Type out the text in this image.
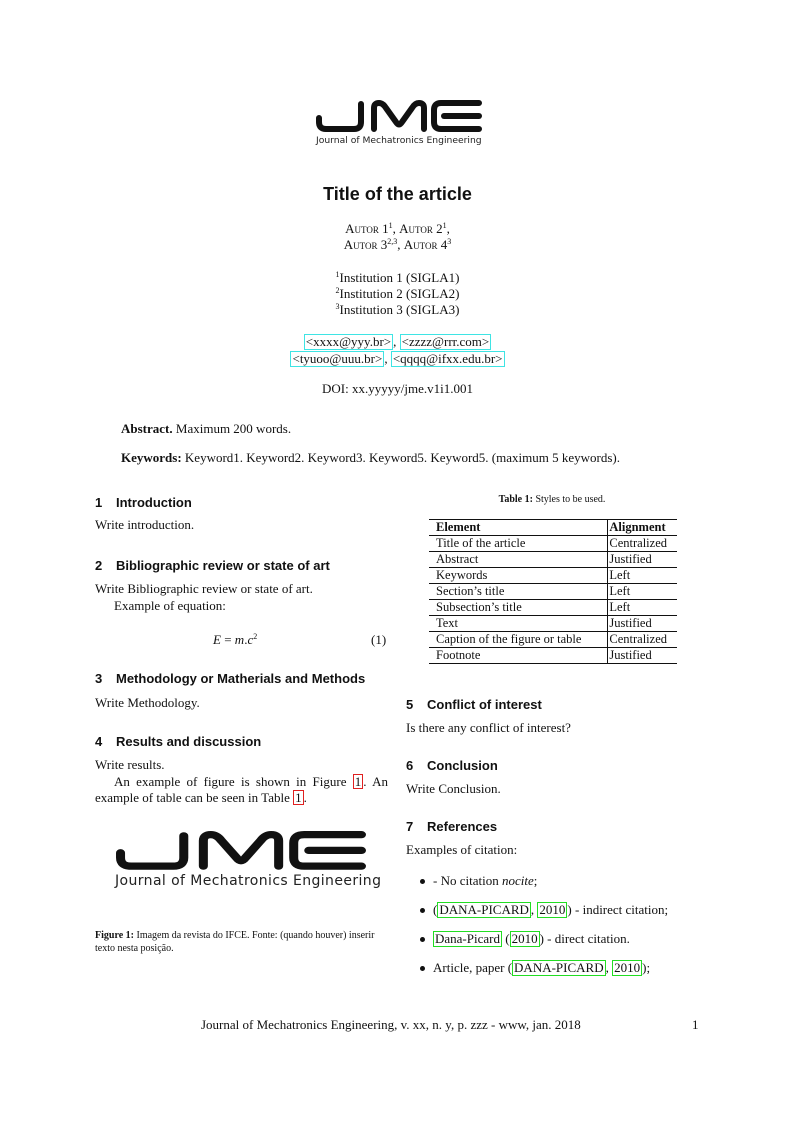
Journal of Mechatronics Engineering
Title of the article
Autor $1^1$, Autor $2^1$,
Autor 3$^{2,3}$, Autor $4^3$
$^1$Institution 1 (SIGLA1)
$^2$Institution 2 (SIGLA2)
$^3$Institution 3 (SIGLA3)
<xxxx@yyy.br> , <zzzz@rrr.com>
<tyuoo@uuu.br> , <qqqq@ifxx.edu.br>
DOI: xx.yyyyy/jme.v1i1.001
Abstract. Maximum 200 words.
Keywords: Keyword1. Keyword2. Keyword3. Keyword5. Keyword5. (maximum 5 keywords).
1 Introduction
Write introduction.
2 Bibliographic review or state of art
Write Bibliographic review or state of art.
Example of equation:
$E = m.c^2$	(1)
3 Methodology or Matherials and Methods
Write Methodology.
4 Results and discussion
Write results.
An example of figure is shown in Figure 1 . An
example of table can be seen in Table 1 .
Journal of Mechatronics Engineering
Figure 1: Imagem da revista do IFCE. Fonte: (quando houver) inserir texto nesta posição.
Table 1: Styles to be used.
Element	Alignment
Title of the article	Centralized
Abstract	Justified
Keywords	Left
Section’s title	Left
Subsection’s title	Left
Text	Justified
Caption of the figure or table	Centralized
Footnote	Justified
5 Conflict of interest
Is there any conflict of interest?
6 Conclusion
Write Conclusion.
7 References
Examples of citation:
- No citation nocite;
( DANA-PICARD , 2010 ) - indirect citation;
Dana-Picard ( 2010 ) - direct citation.
Article, paper ( DANA-PICARD , 2010 );
Journal of Mechatronics Engineering, v. xx, n. y, p. zzz - www, jan. 2018	1
